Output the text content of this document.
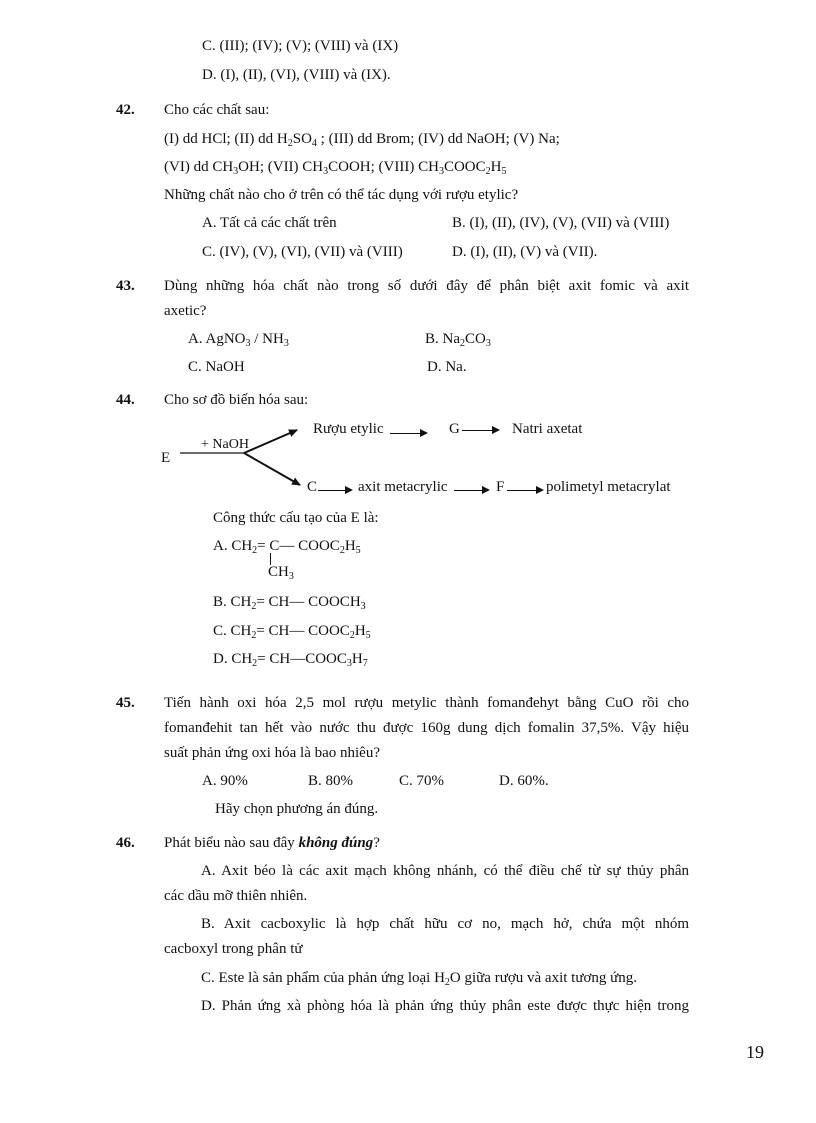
C. (III); (IV); (V); (VIII) và (IX)
D. (I), (II), (VI), (VIII) và (IX).
42. Cho các chất sau:
(I) dd HCl; (II) dd $H_2SO_4$ ; (III) dd Brom; (IV) dd NaOH; (V) Na;
(VI) dd $CH_3OH$; (VII) $CH_3COOH$; (VIII) $CH_3COOC_2H_5$
Những chất nào cho ở trên có thể tác dụng với rượu etylic?
A. Tất cả các chất trên	B. (I), (II), (IV), (V), (VII) và (VIII)
C. (IV), (V), (VI), (VII) và (VIII)	D. (I), (II), (V) và (VII).
43. Dùng những hóa chất nào trong số dưới đây để phân biệt axit fomic và axit
axetic?
A. AgNO$_3$ / $NH_3$	B. $Na_2CO_3$
C. NaOH	D. Na.
44. Cho sơ đồ biến hóa sau:
E
+ NaOH
Rượu etylic	G	Natri axetat
C	axit metacrylic	F	polimetyl metacrylat
Công thức cấu tạo của E là:
A. $CH_2=$ C— $COOC_2H_5$
$CH_3$
B. $CH_2=$ CH— $COOCH_3$
C. $CH_2=$ CH— $COOC_2H_5$
D. $CH_2=$ $CH—COOC_3H_7$
45. Tiến hành oxi hóa 2,5 mol rượu metylic thành fomanđehyt bằng CuO rồi cho
fomanđehit tan hết vào nước thu được 160g dung dịch fomalin 37,5%. Vậy hiệu
suất phản ứng oxi hóa là bao nhiêu?
A. 90%	B. 80%	C. 70%	D. 60%.
Hãy chọn phương án đúng.
46. Phát biểu nào sau đây không đúng?
A. Axit béo là các axit mạch không nhánh, có thể điều chế từ sự thủy phân
các dầu mỡ thiên nhiên.
B. Axit cacboxylic là hợp chất hữu cơ no, mạch hở, chứa một nhóm
cacboxyl trong phân tử
C. Este là sản phẩm của phản ứng loại $H_2O$ giữa rượu và axit tương ứng.
D. Phản ứng xà phòng hóa là phản ứng thủy phân este được thực hiện trong
19
